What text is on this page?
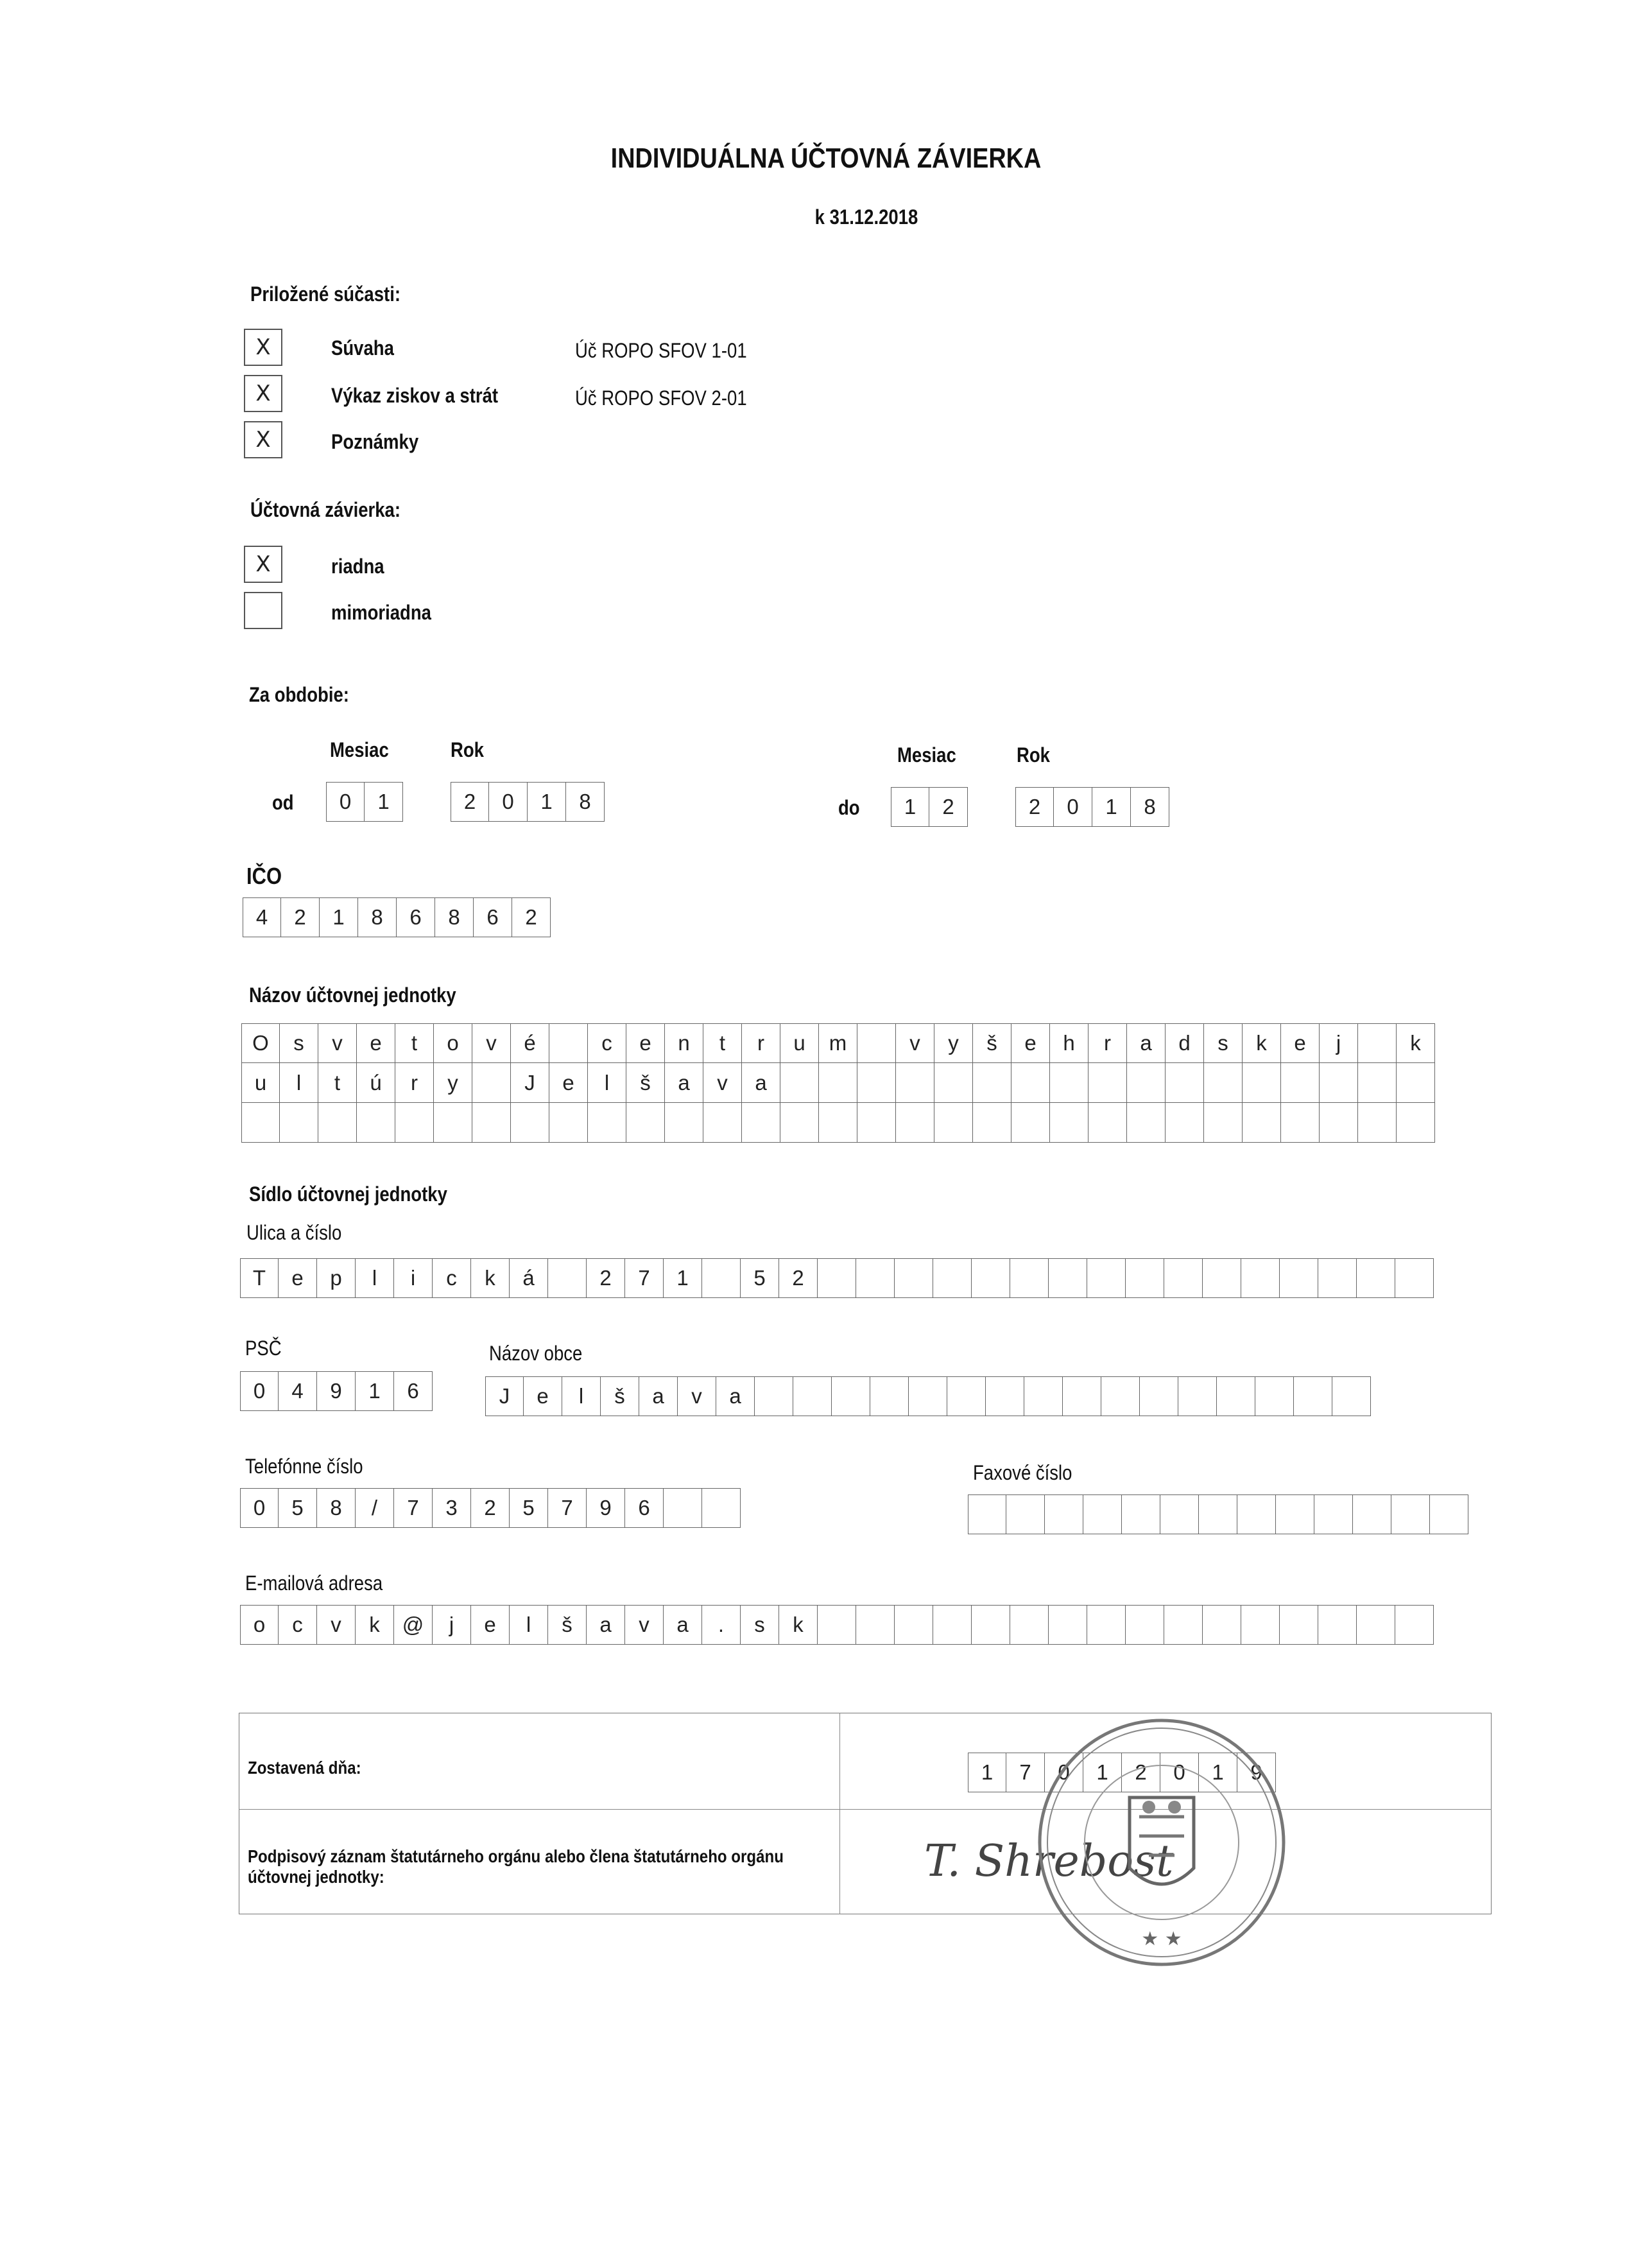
INDIVIDUÁLNA ÚČTOVNÁ ZÁVIERKA
k 31.12.2018
Priložené súčasti:
X	Súvaha	Úč ROPO SFOV 1-01
X	Výkaz ziskov a strát	Úč ROPO SFOV 2-01
X	Poznámky
Účtovná závierka:
X	riadna
mimoriadna
Za obdobie:
Mesiac	Rok	Mesiac	Rok
od	0	1	2	0	1	8	do	1	2	2	0	1	8
IČO
4	2	1	8	6	8	6	2
Názov účtovnej jednotky
O	s	v	e	t	o	v	é	c	e	n	t	r	u	m	v	y	š	e	h	r	a	d	s	k	e	j	k
u	l	t	ú	r	y	J	e	l	š	a	v	a
Sídlo účtovnej jednotky
Ulica a číslo
T	e	p	l	i	c	k	á	2	7	1	5	2
PSČ
0	4	9	1	6
Názov obce
J	e	l	š	a	v	a
Telefónne číslo
0	5	8	/	7	3	2	5	7	9	6
Faxové číslo
E-mailová adresa
o	c	v	k	@	j	e	l	š	a	v	a	.	s	k
Zostavená dňa:	1	7	0	1	2	0	1	9
Podpisový záznam štatutárneho orgánu alebo člena štatutárneho orgánu účtovnej jednotky:	T. Shrebost
★ ★
